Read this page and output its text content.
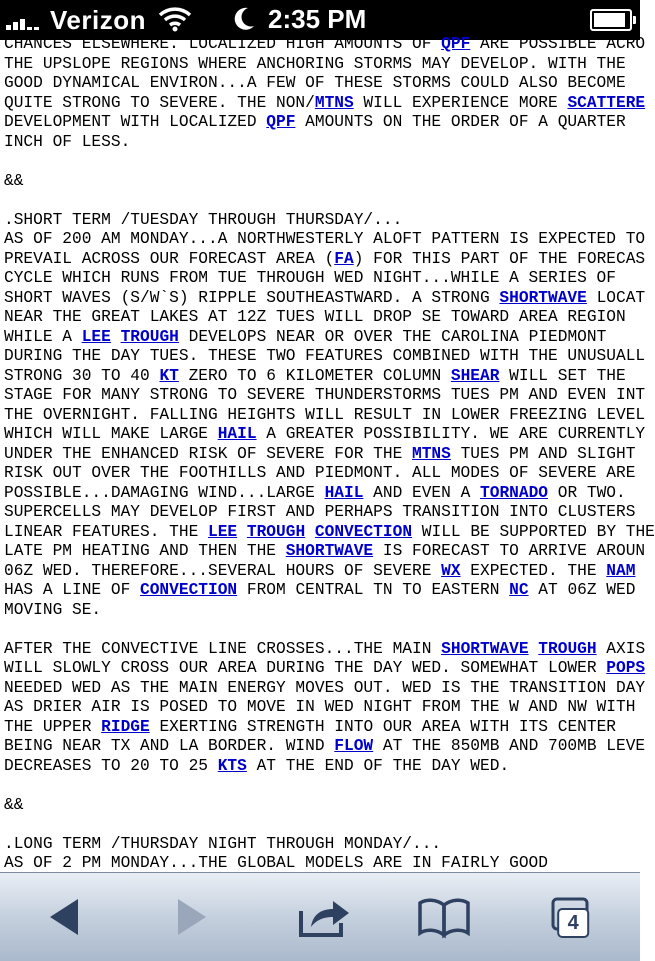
Verizon	2:35 PM
CHANCES ELSEWHERE. LOCALIZED HIGH AMOUNTS OF QPF ARE POSSIBLE ACRO
THE UPSLOPE REGIONS WHERE ANCHORING STORMS MAY DEVELOP. WITH THE
GOOD DYNAMICAL ENVIRON...A FEW OF THESE STORMS COULD ALSO BECOME
QUITE STRONG TO SEVERE. THE NON/MTNS WILL EXPERIENCE MORE SCATTERE
DEVELOPMENT WITH LOCALIZED QPF AMOUNTS ON THE ORDER OF A QUARTER
INCH OF LESS.
&&
.SHORT TERM /TUESDAY THROUGH THURSDAY/...
AS OF 200 AM MONDAY...A NORTHWESTERLY ALOFT PATTERN IS EXPECTED TO
PREVAIL ACROSS OUR FORECAST AREA (FA) FOR THIS PART OF THE FORECAS
CYCLE WHICH RUNS FROM TUE THROUGH WED NIGHT...WHILE A SERIES OF
SHORT WAVES (S/W`S) RIPPLE SOUTHEASTWARD. A STRONG SHORTWAVE LOCAT
NEAR THE GREAT LAKES AT 12Z TUES WILL DROP SE TOWARD AREA REGION
WHILE A LEE TROUGH DEVELOPS NEAR OR OVER THE CAROLINA PIEDMONT
DURING THE DAY TUES. THESE TWO FEATURES COMBINED WITH THE UNUSUALL
STRONG 30 TO 40 KT ZERO TO 6 KILOMETER COLUMN SHEAR WILL SET THE
STAGE FOR MANY STRONG TO SEVERE THUNDERSTORMS TUES PM AND EVEN INT
THE OVERNIGHT. FALLING HEIGHTS WILL RESULT IN LOWER FREEZING LEVEL
WHICH WILL MAKE LARGE HAIL A GREATER POSSIBILITY. WE ARE CURRENTLY
UNDER THE ENHANCED RISK OF SEVERE FOR THE MTNS TUES PM AND SLIGHT
RISK OUT OVER THE FOOTHILLS AND PIEDMONT. ALL MODES OF SEVERE ARE
POSSIBLE...DAMAGING WIND...LARGE HAIL AND EVEN A TORNADO OR TWO.
SUPERCELLS MAY DEVELOP FIRST AND PERHAPS TRANSITION INTO CLUSTERS
LINEAR FEATURES. THE LEE TROUGH CONVECTION WILL BE SUPPORTED BY THE
LATE PM HEATING AND THEN THE SHORTWAVE IS FORECAST TO ARRIVE AROUN
06Z WED. THEREFORE...SEVERAL HOURS OF SEVERE WX EXPECTED. THE NAM
HAS A LINE OF CONVECTION FROM CENTRAL TN TO EASTERN NC AT 06Z WED
MOVING SE.
AFTER THE CONVECTIVE LINE CROSSES...THE MAIN SHORTWAVE TROUGH AXIS
WILL SLOWLY CROSS OUR AREA DURING THE DAY WED. SOMEWHAT LOWER POPS
NEEDED WED AS THE MAIN ENERGY MOVES OUT. WED IS THE TRANSITION DAY
AS DRIER AIR IS POSED TO MOVE IN WED NIGHT FROM THE W AND NW WITH
THE UPPER RIDGE EXERTING STRENGTH INTO OUR AREA WITH ITS CENTER
BEING NEAR TX AND LA BORDER. WIND FLOW AT THE 850MB AND 700MB LEVE
DECREASES TO 20 TO 25 KTS AT THE END OF THE DAY WED.
&&
.LONG TERM /THURSDAY NIGHT THROUGH MONDAY/...
AS OF 2 PM MONDAY...THE GLOBAL MODELS ARE IN FAIRLY GOOD
4
